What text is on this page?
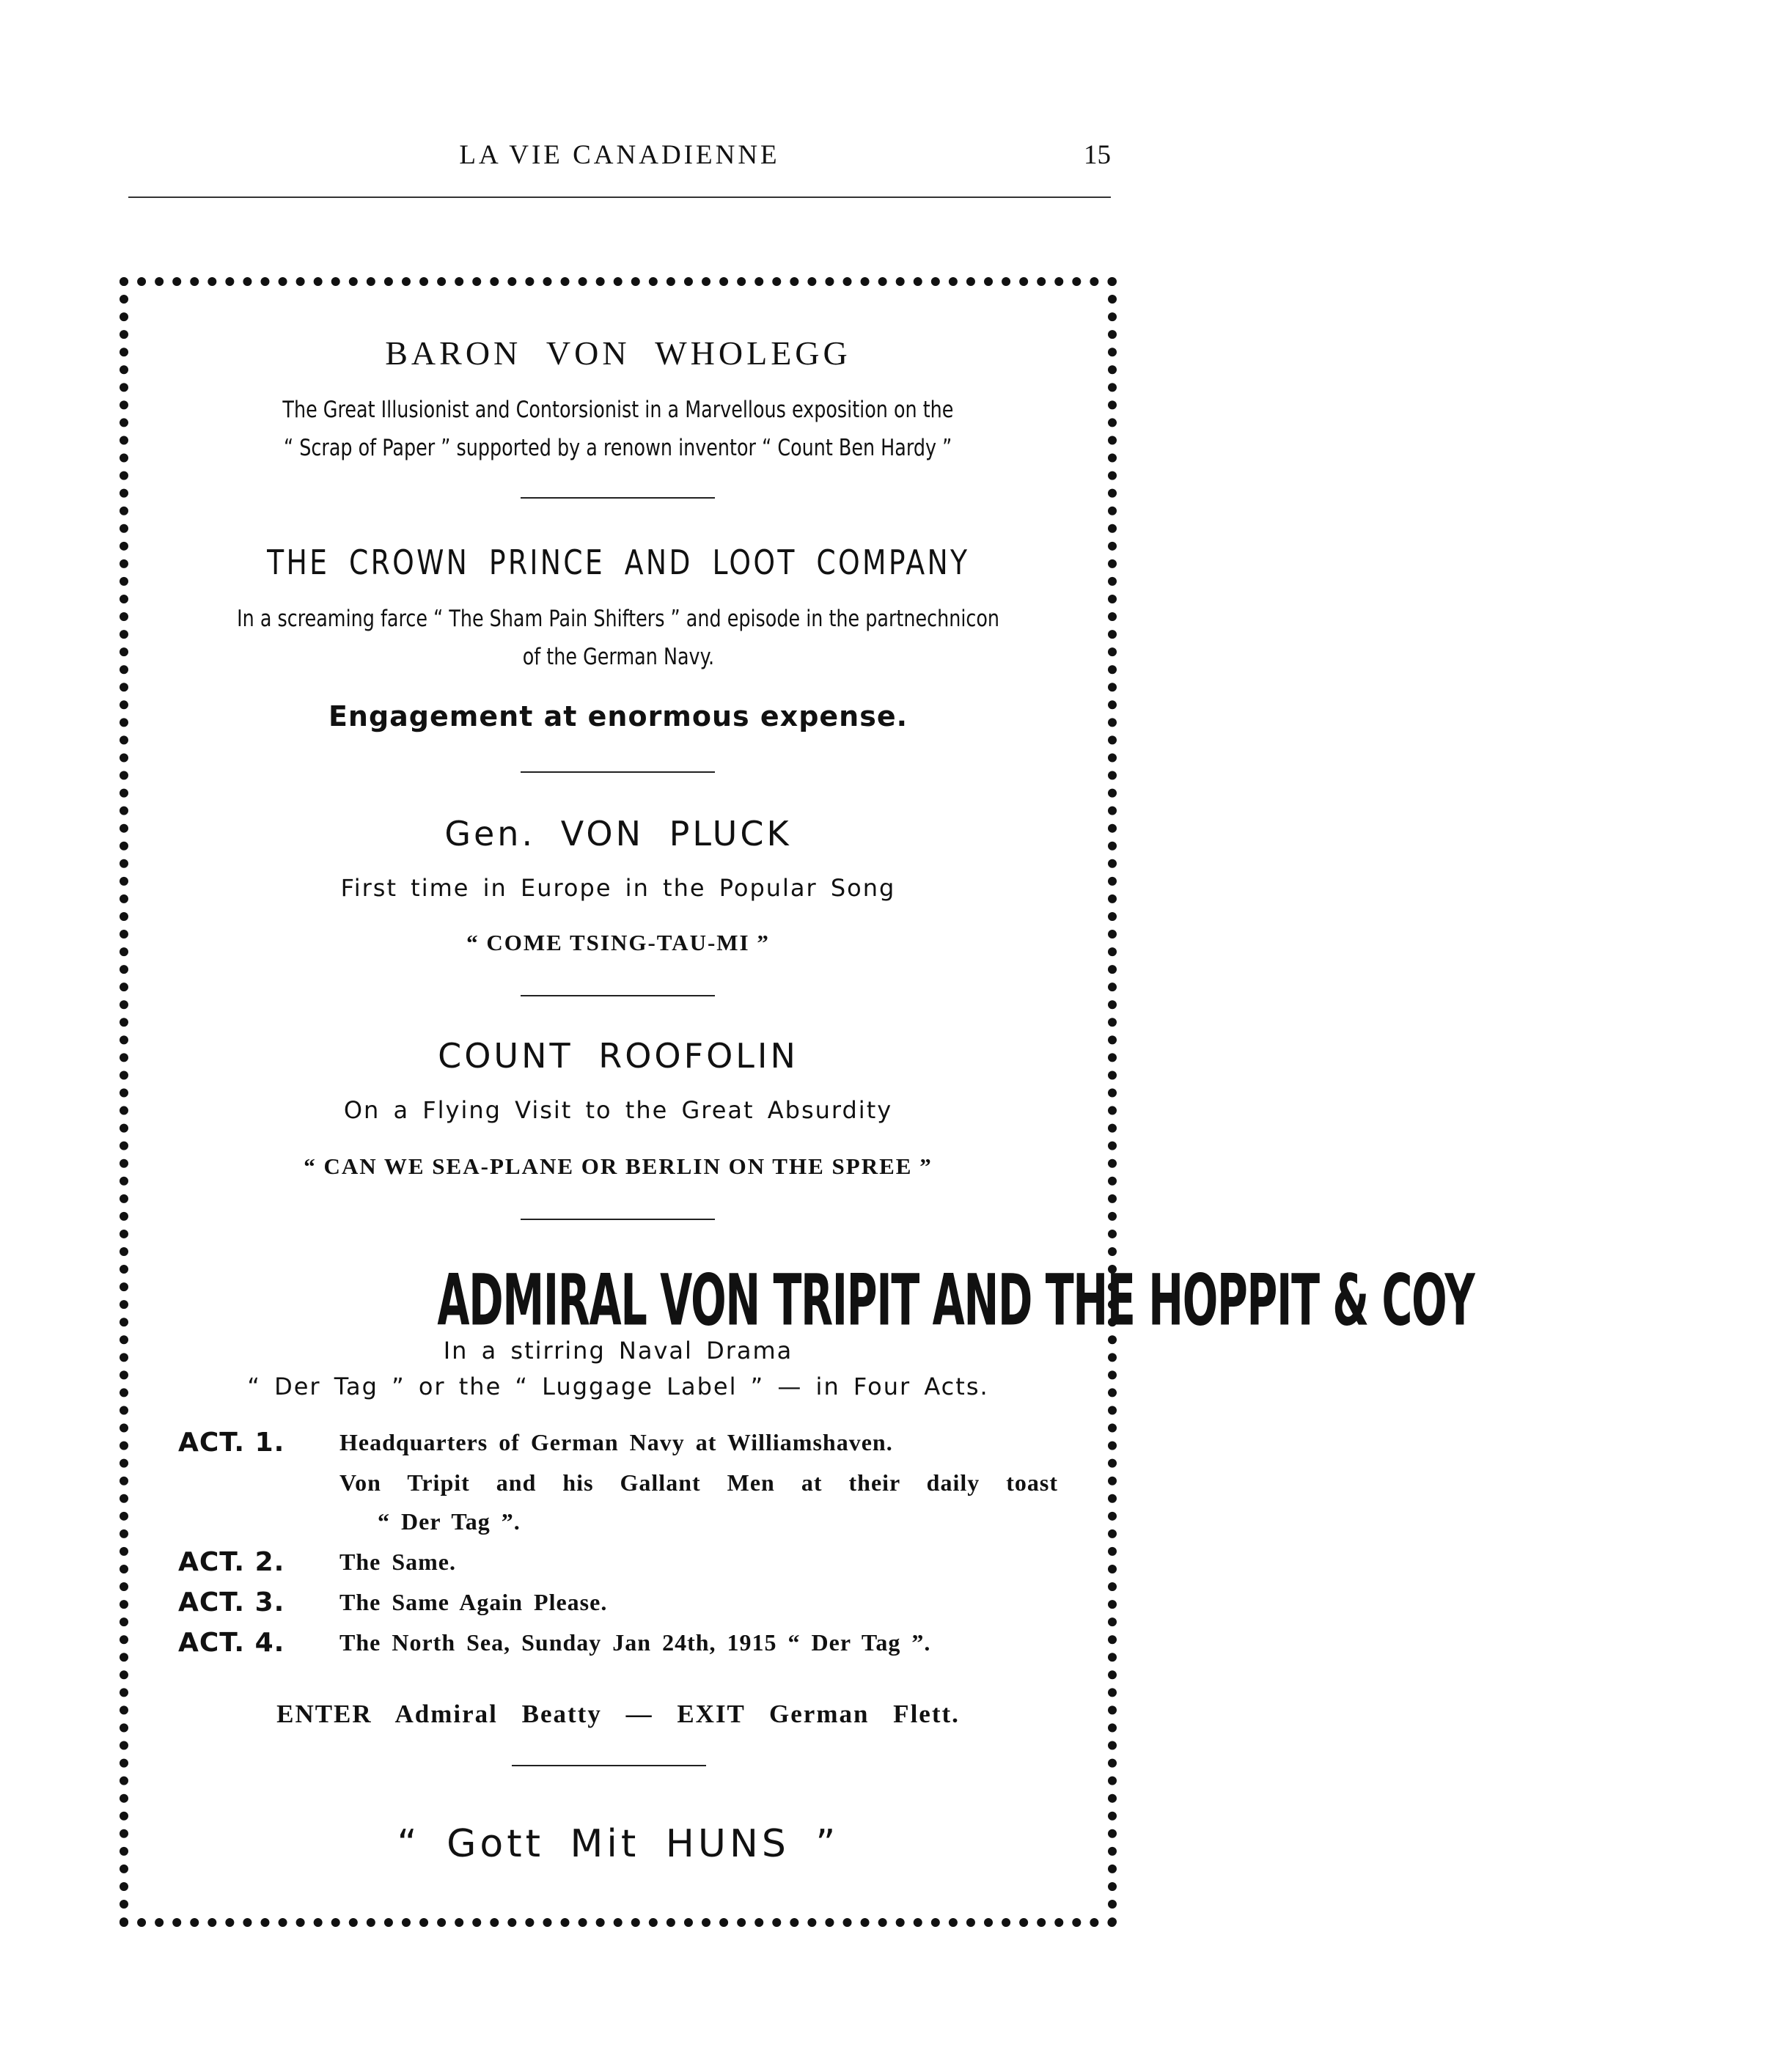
LA VIE CANADIENNE	15
BARON VON WHOLEGG
The Great Illusionist and Contorsionist in a Marvellous exposition on the
“ Scrap of Paper ” supported by a renown inventor “ Count Ben Hardy ”
THE CROWN PRINCE AND LOOT COMPANY
In a screaming farce “ The Sham Pain Shifters ” and episode in the partnechnicon
of the German Navy.
Engagement at enormous expense.
Gen. VON PLUCK
First time in Europe in the Popular Song
“ COME TSING-TAU-MI ”
COUNT ROOFOLIN
On a Flying Visit to the Great Absurdity
“ CAN WE SEA-PLANE OR BERLIN ON THE SPREE ”
ADMIRAL VON TRIPIT AND THE HOPPIT & COY
In a stirring Naval Drama
“ Der Tag ” or the “ Luggage Label ” — in Four Acts.
ACT. 1. Headquarters of German Navy at Williamshaven.
Von Tripit and his Gallant Men at their daily toast
“ Der Tag ”.
ACT. 2. The Same.
ACT. 3. The Same Again Please.
ACT. 4. The North Sea, Sunday Jan 24th, 1915 “ Der Tag ”.
ENTER Admiral Beatty — EXIT German Flett.
“ Gott Mit HUNS ”
